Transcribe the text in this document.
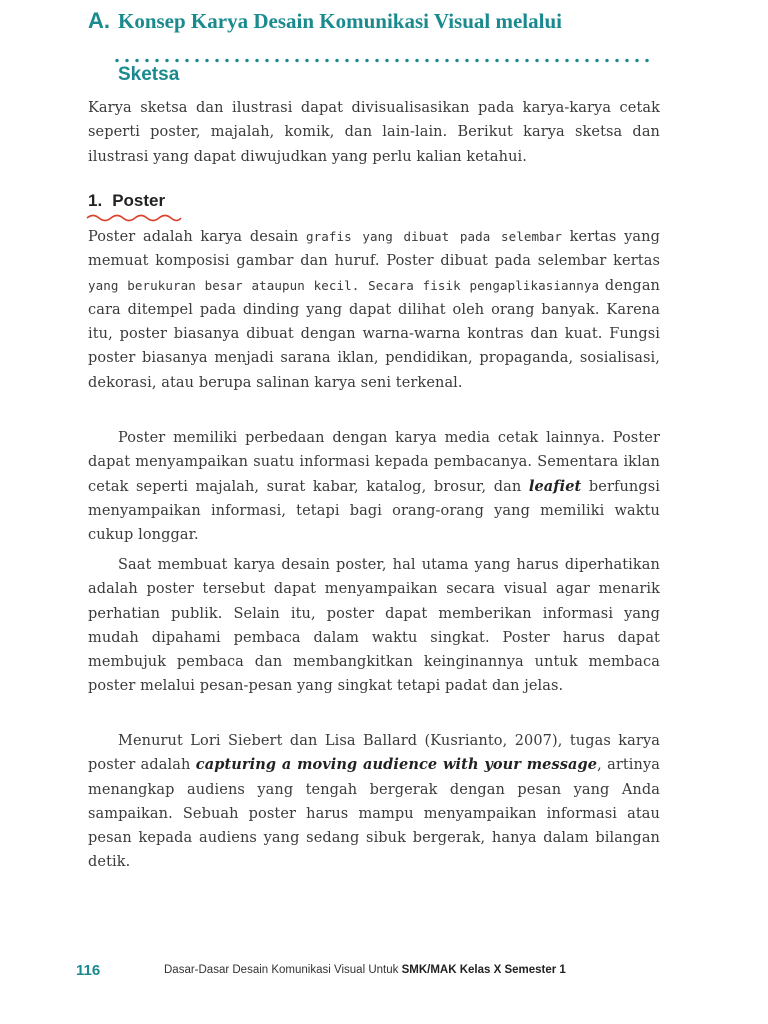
A. Konsep Karya Desain Komunikasi Visual melalui
Sketsa
Karya sketsa dan ilustrasi dapat divisualisasikan pada karya-karya cetak seperti poster, majalah, komik, dan lain-lain. Berikut karya sketsa dan ilustrasi yang dapat diwujudkan yang perlu kalian ketahui.
1. Poster
Poster adalah karya desain grafis yang dibuat pada selembar kertas yang memuat komposisi gambar dan huruf. Poster dibuat pada selembar kertas yang berukuran besar ataupun kecil. Secara fisik pengaplikasiannya dengan cara ditempel pada dinding yang dapat dilihat oleh orang banyak. Karena itu, poster biasanya dibuat dengan warna-warna kontras dan kuat. Fungsi poster biasanya menjadi sarana iklan, pendidikan, propaganda, sosialisasi, dekorasi, atau berupa salinan karya seni terkenal.
Poster memiliki perbedaan dengan karya media cetak lainnya. Poster dapat menyampaikan suatu informasi kepada pembacanya. Sementara iklan cetak seperti majalah, surat kabar, katalog, brosur, dan leafiet berfungsi menyampaikan informasi, tetapi bagi orang-orang yang memiliki waktu cukup longgar.
Saat membuat karya desain poster, hal utama yang harus diperhatikan adalah poster tersebut dapat menyampaikan secara visual agar menarik perhatian publik. Selain itu, poster dapat memberikan informasi yang mudah dipahami pembaca dalam waktu singkat. Poster harus dapat membujuk pembaca dan membangkitkan keinginannya untuk membaca poster melalui pesan-pesan yang singkat tetapi padat dan jelas.
Menurut Lori Siebert dan Lisa Ballard (Kusrianto, 2007), tugas karya poster adalah capturing a moving audience with your message, artinya menangkap audiens yang tengah bergerak dengan pesan yang Anda sampaikan. Sebuah poster harus mampu menyampaikan informasi atau pesan kepada audiens yang sedang sibuk bergerak, hanya dalam bilangan detik.
116	Dasar-Dasar Desain Komunikasi Visual Untuk SMK/MAK Kelas X Semester 1
